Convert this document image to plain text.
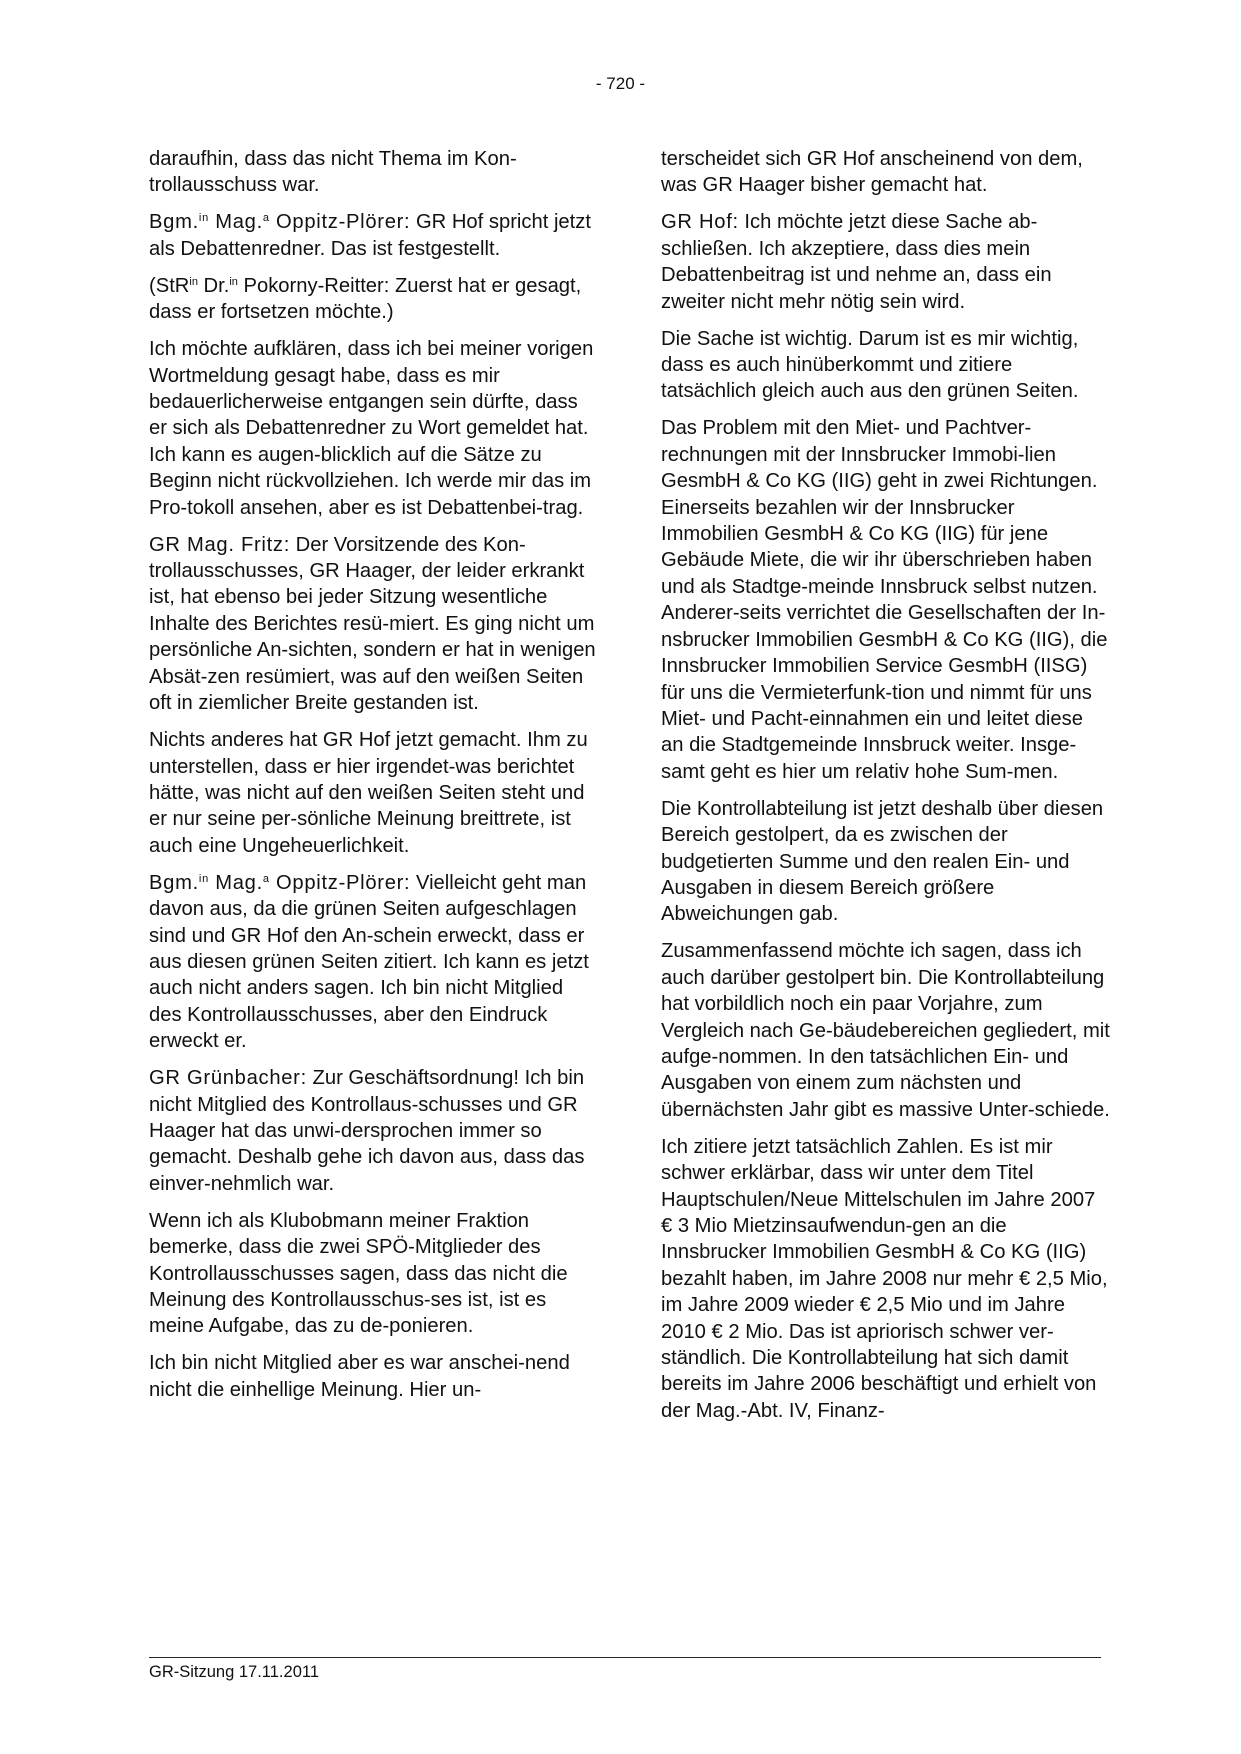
- 720 -

daraufhin, dass das nicht Thema im Kon-trollausschuss war.

Bgm.$^{in}$ Mag.$^a$ Oppitz-Plörer: GR Hof spricht jetzt als Debattenredner. Das ist festgestellt.

(StR$^{in}$ Dr.$^{in}$ Pokorny-Reitter: Zuerst hat er gesagt, dass er fortsetzen möchte.)

Ich möchte aufklären, dass ich bei meiner vorigen Wortmeldung gesagt habe, dass es mir bedauerlicherweise entgangen sein dürfte, dass er sich als Debattenredner zu Wort gemeldet hat. Ich kann es augen-blicklich auf die Sätze zu Beginn nicht rückvollziehen. Ich werde mir das im Pro-tokoll ansehen, aber es ist Debattenbei-trag.

GR Mag. Fritz: Der Vorsitzende des Kon-trollausschusses, GR Haager, der leider erkrankt ist, hat ebenso bei jeder Sitzung wesentliche Inhalte des Berichtes resü-miert. Es ging nicht um persönliche An-sichten, sondern er hat in wenigen Absät-zen resümiert, was auf den weißen Seiten oft in ziemlicher Breite gestanden ist.

Nichts anderes hat GR Hof jetzt gemacht. Ihm zu unterstellen, dass er hier irgendet-was berichtet hätte, was nicht auf den weißen Seiten steht und er nur seine per-sönliche Meinung breittrete, ist auch eine Ungeheuerlichkeit.

Bgm.$^{in}$ Mag.$^a$ Oppitz-Plörer: Vielleicht geht man davon aus, da die grünen Seiten aufgeschlagen sind und GR Hof den An-schein erweckt, dass er aus diesen grünen Seiten zitiert. Ich kann es jetzt auch nicht anders sagen. Ich bin nicht Mitglied des Kontrollausschusses, aber den Eindruck erweckt er.

GR Grünbacher: Zur Geschäftsordnung! Ich bin nicht Mitglied des Kontrollaus-schusses und GR Haager hat das unwi-dersprochen immer so gemacht. Deshalb gehe ich davon aus, dass das einver-nehmlich war.

Wenn ich als Klubobmann meiner Fraktion bemerke, dass die zwei SPÖ-Mitglieder des Kontrollausschusses sagen, dass das nicht die Meinung des Kontrollausschus-ses ist, ist es meine Aufgabe, das zu de-ponieren.

Ich bin nicht Mitglied aber es war anschei-nend nicht die einhellige Meinung. Hier un-

terscheidet sich GR Hof anscheinend von dem, was GR Haager bisher gemacht hat.

GR Hof: Ich möchte jetzt diese Sache ab-schließen. Ich akzeptiere, dass dies mein Debattenbeitrag ist und nehme an, dass ein zweiter nicht mehr nötig sein wird.

Die Sache ist wichtig. Darum ist es mir wichtig, dass es auch hinüberkommt und zitiere tatsächlich gleich auch aus den grünen Seiten.

Das Problem mit den Miet- und Pachtver-rechnungen mit der Innsbrucker Immobi-lien GesmbH & Co KG (IIG) geht in zwei Richtungen. Einerseits bezahlen wir der Innsbrucker Immobilien GesmbH & Co KG (IIG) für jene Gebäude Miete, die wir ihr überschrieben haben und als Stadtge-meinde Innsbruck selbst nutzen. Anderer-seits verrichtet die Gesellschaften der In-nsbrucker Immobilien GesmbH & Co KG (IIG), die Innsbrucker Immobilien Service GesmbH (IISG) für uns die Vermieterfunk-tion und nimmt für uns Miet- und Pacht-einnahmen ein und leitet diese an die Stadtgemeinde Innsbruck weiter. Insge-samt geht es hier um relativ hohe Sum-men.

Die Kontrollabteilung ist jetzt deshalb über diesen Bereich gestolpert, da es zwischen der budgetierten Summe und den realen Ein- und Ausgaben in diesem Bereich größere Abweichungen gab.

Zusammenfassend möchte ich sagen, dass ich auch darüber gestolpert bin. Die Kontrollabteilung hat vorbildlich noch ein paar Vorjahre, zum Vergleich nach Ge-bäudebereichen gegliedert, mit aufge-nommen. In den tatsächlichen Ein- und Ausgaben von einem zum nächsten und übernächsten Jahr gibt es massive Unter-schiede.

Ich zitiere jetzt tatsächlich Zahlen. Es ist mir schwer erklärbar, dass wir unter dem Titel Hauptschulen/Neue Mittelschulen im Jahre 2007 € 3 Mio Mietzinsaufwendun-gen an die Innsbrucker Immobilien GesmbH & Co KG (IIG) bezahlt haben, im Jahre 2008 nur mehr € 2,5 Mio, im Jahre 2009 wieder € 2,5 Mio und im Jahre 2010 € 2 Mio. Das ist apriorisch schwer ver-ständlich. Die Kontrollabteilung hat sich damit bereits im Jahre 2006 beschäftigt und erhielt von der Mag.-Abt. IV, Finanz-

GR-Sitzung 17.11.2011
